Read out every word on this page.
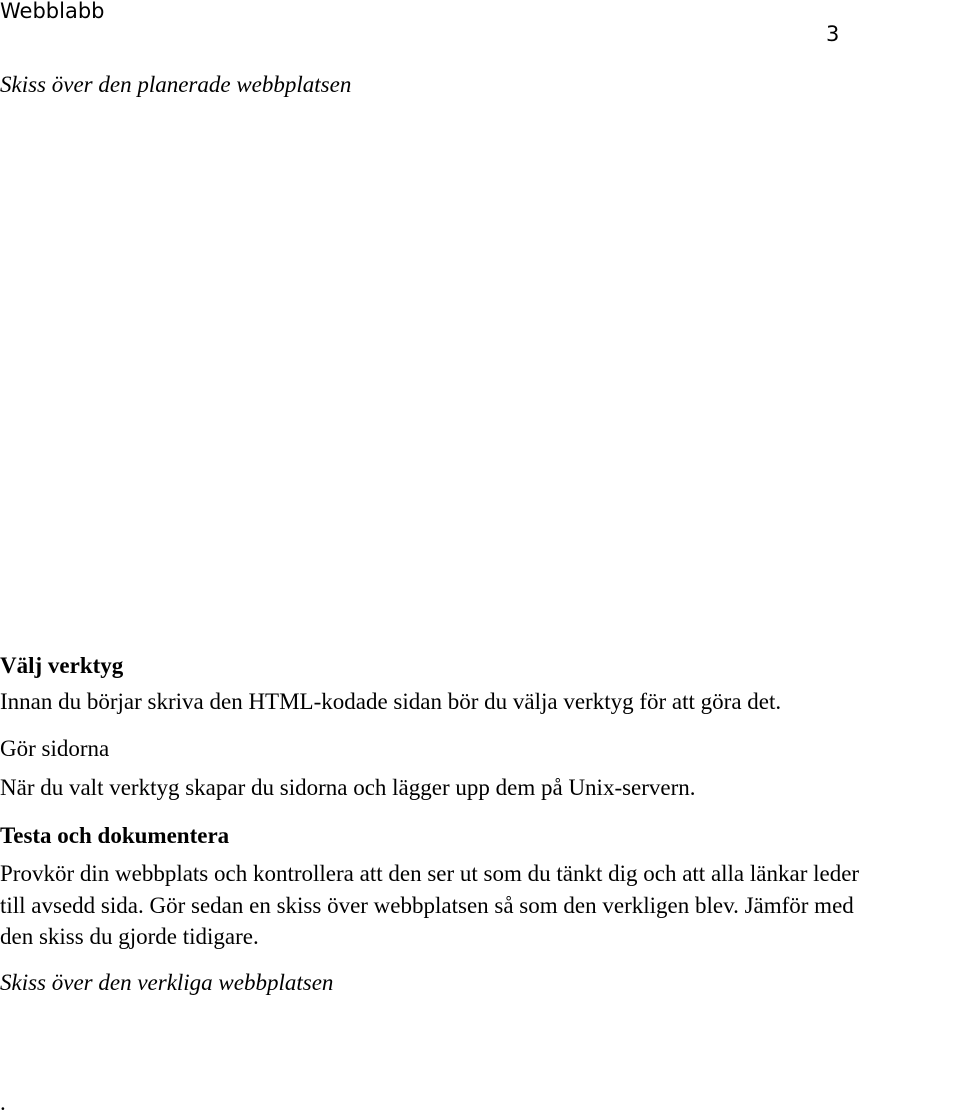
Webblabb
3
Skiss över den planerade webbplatsen
Välj verktyg
Innan du börjar skriva den HTML-kodade sidan bör du välja verktyg för att göra det.
Gör sidorna
När du valt verktyg skapar du sidorna och lägger upp dem på Unix-servern.
Testa och dokumentera
Provkör din webbplats och kontrollera att den ser ut som du tänkt dig och att alla länkar leder
till avsedd sida. Gör sedan en skiss över webbplatsen så som den verkligen blev. Jämför med
den skiss du gjorde tidigare.
Skiss över den verkliga webbplatsen
.
